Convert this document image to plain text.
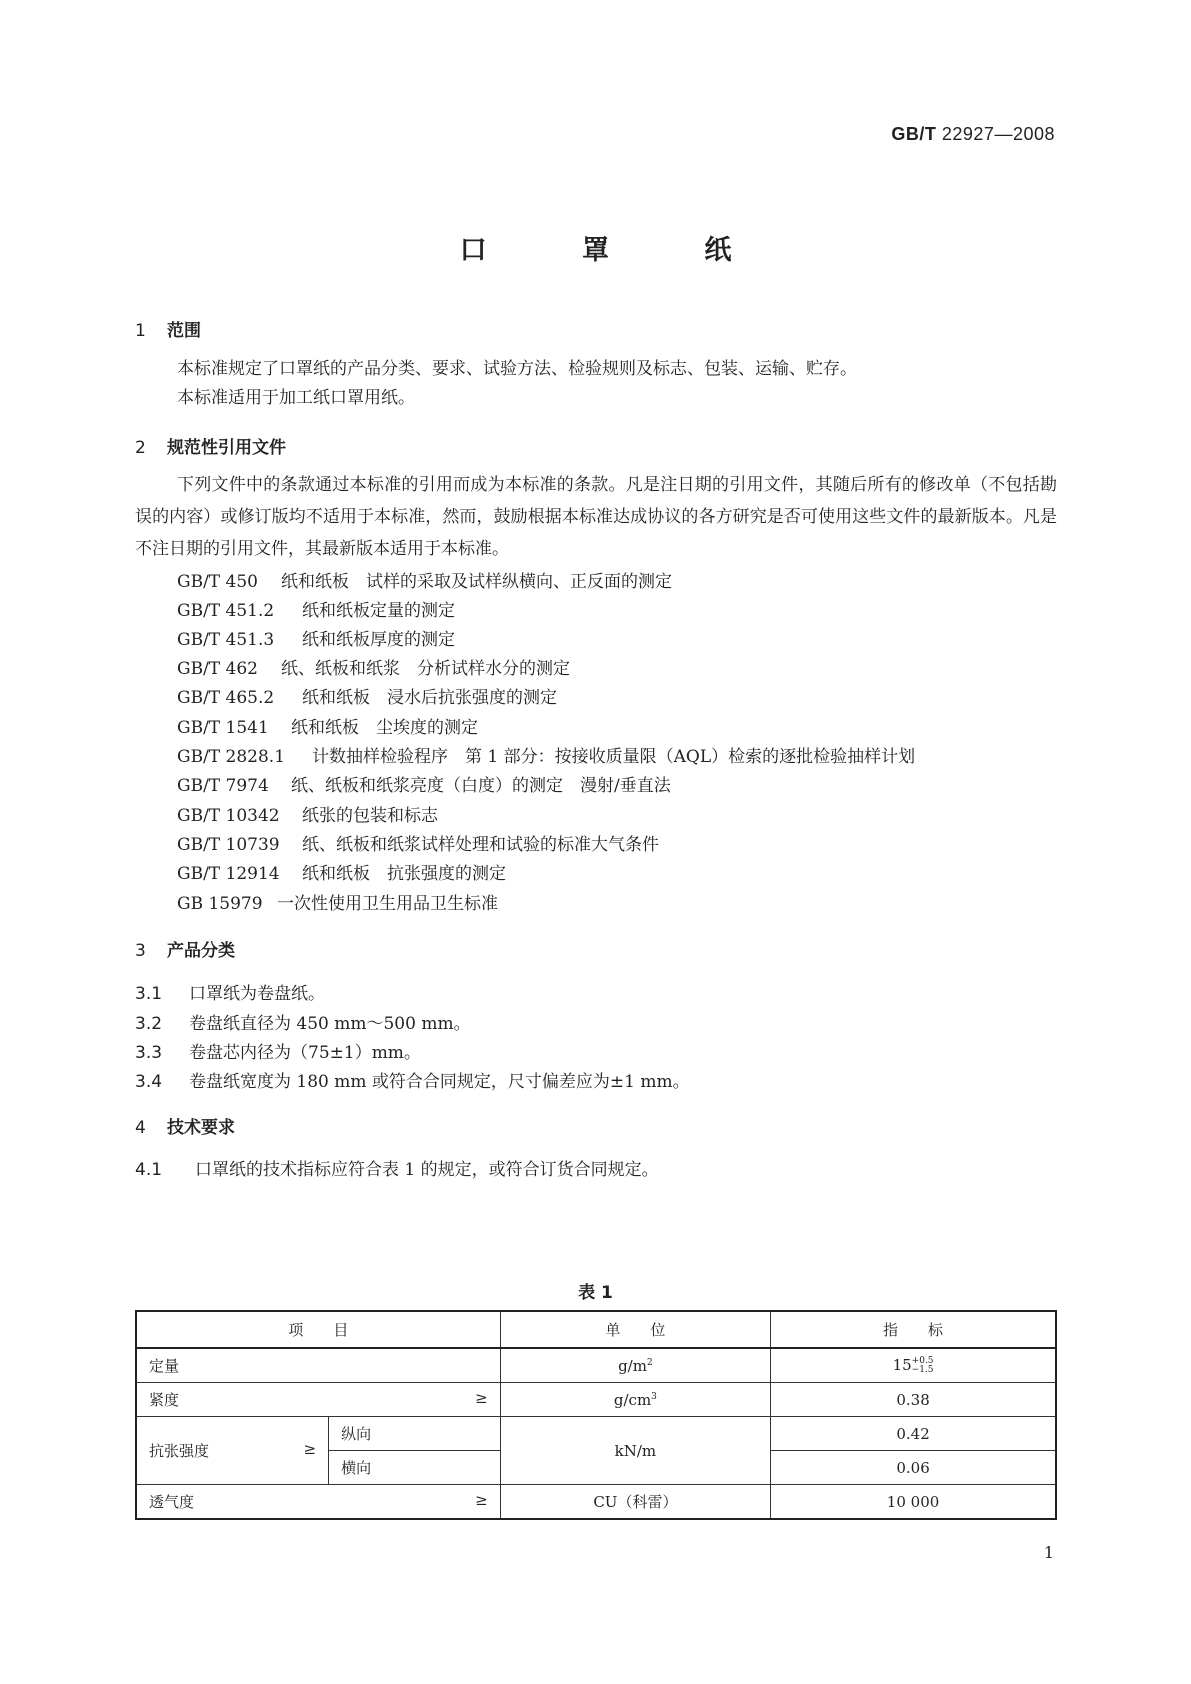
GB/T 22927—2008
口	罩	纸
1 范围
本标准规定了口罩纸的产品分类、要求、试验方法、检验规则及标志、包装、运输、贮存。
本标准适用于加工纸口罩用纸。
2 规范性引用文件
下列文件中的条款通过本标准的引用而成为本标准的条款。凡是注日期的引用文件，其随后所有的修改单（不包括勘误的内容）或修订版均不适用于本标准，然而，鼓励根据本标准达成协议的各方研究是否可使用这些文件的最新版本。凡是不注日期的引用文件，其最新版本适用于本标准。
GB/T 450 纸和纸板　试样的采取及试样纵横向、正反面的测定
GB/T 451.2 纸和纸板定量的测定
GB/T 451.3 纸和纸板厚度的测定
GB/T 462 纸、纸板和纸浆　分析试样水分的测定
GB/T 465.2 纸和纸板　浸水后抗张强度的测定
GB/T 1541 纸和纸板　尘埃度的测定
GB/T 2828.1 计数抽样检验程序　第 1 部分：按接收质量限（AQL）检索的逐批检验抽样计划
GB/T 7974 纸、纸板和纸浆亮度（白度）的测定　漫射/垂直法
GB/T 10342 纸张的包装和标志
GB/T 10739 纸、纸板和纸浆试样处理和试验的标准大气条件
GB/T 12914 纸和纸板　抗张强度的测定
GB 15979 一次性使用卫生用品卫生标准
3 产品分类
3.1 口罩纸为卷盘纸。
3.2 卷盘纸直径为 450 mm～500 mm。
3.3 卷盘芯内径为（75±1）mm。
3.4 卷盘纸宽度为 180 mm 或符合合同规定，尺寸偏差应为±1 mm。
4 技术要求
4.1 口罩纸的技术指标应符合表 1 的规定，或符合订货合同规定。
表 1
项　　目		单　　位	指　　标
定量		$g/m^2$	15+0.5
−1.5
紧度 ≥		$g/cm^3$	0.38
抗张强度 ≥	纵向	kN/m	0.42
	横向		0.06
透气度 ≥		CU（科雷）	10 000
1
